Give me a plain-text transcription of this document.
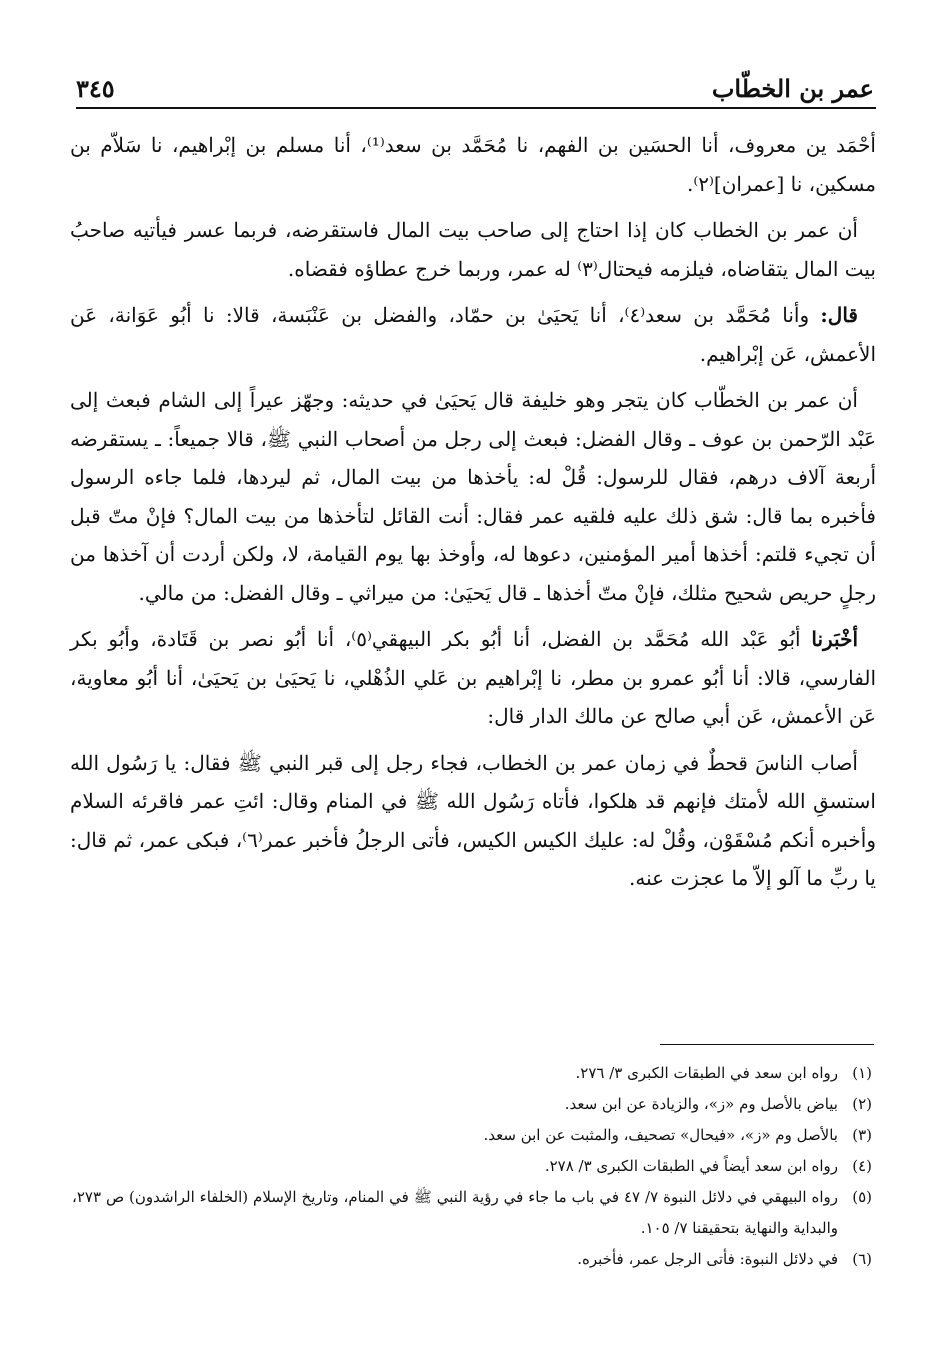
عمر بن الخطّاب
٣٤٥

أحْمَد ين معروف، أنا الحسَين بن الفهم، نا مُحَمَّد بن سعد⁽¹⁾، أنا مسلم بن إبْراهيم، نا سَلاّم بن مسكين، نا [عمران]⁽٢⁾.

أن عمر بن الخطاب كان إذا احتاج إلى صاحب بيت المال فاستقرضه، فربما عسر فيأتيه صاحبُ بيت المال يتقاضاه، فيلزمه فيحتال⁽٣⁾ له عمر، وربما خرج عطاؤه فقضاه.

قال: وأنا مُحَمَّد بن سعد⁽٤⁾، أنا يَحيَىٰ بن حمّاد، والفضل بن عَنْبَسة، قالا: نا أبُو عَوَانة، عَن الأعمش، عَن إبْراهيم.

أن عمر بن الخطّاب كان يتجر وهو خليفة قال يَحيَىٰ في حديثه: وجهّز عيراً إلى الشام فبعث إلى عَبْد الرّحمن بن عوف ـ وقال الفضل: فبعث إلى رجل من أصحاب النبي ﷺ، قالا جميعاً: ـ يستقرضه أربعة آلاف درهم، فقال للرسول: قُلْ له: يأخذها من بيت المال، ثم ليردها، فلما جاءه الرسول فأخبره بما قال: شق ذلك عليه فلقيه عمر فقال: أنت القائل لتأخذها من بيت المال؟ فإنْ متّ قبل أن تجيء قلتم: أخذها أمير المؤمنين، دعوها له، وأوخذ بها يوم القيامة، لا، ولكن أردت أن آخذها من رجلٍ حريص شحيح مثلك، فإنْ متّ أخذها ـ قال يَحيَىٰ: من ميراثي ـ وقال الفضل: من مالي.

أخْبَرنا أبُو عَبْد الله مُحَمَّد بن الفضل، أنا أبُو بكر البيهقي⁽٥⁾، أنا أبُو نصر بن قَتَادة، وأبُو بكر الفارسي، قالا: أنا أبُو عمرو بن مطر، نا إبْراهيم بن عَلي الذُهْلي، نا يَحيَىٰ بن يَحيَىٰ، أنا أبُو معاوية، عَن الأعمش، عَن أبي صالح عن مالك الدار قال:

أصاب الناسَ قحطٌ في زمان عمر بن الخطاب، فجاء رجل إلى قبر النبي ﷺ فقال: يا رَسُول الله استسقِ الله لأمتك فإنهم قد هلكوا، فأتاه رَسُول الله ﷺ في المنام وقال: ائتِ عمر فاقرئه السلام وأخبره أنكم مُسْقَوْن، وقُلْ له: عليك الكيس الكيس، فأتى الرجلُ فأخبر عمر⁽٦⁾، فبكى عمر، ثم قال: يا ربِّ ما آلو إلاّ ما عجزت عنه.

(١)
رواه ابن سعد في الطبقات الكبرى ٣/ ٢٧٦.
(٢)
بياض بالأصل وم «ز»، والزيادة عن ابن سعد.
(٣)
بالأصل وم «ز»، «فيحال» تصحيف، والمثبت عن ابن سعد.
(٤)
رواه ابن سعد أيضاً في الطبقات الكبرى ٣/ ٢٧٨.
(٥)
رواه البيهقي في دلائل النبوة ٧/ ٤٧ في باب ما جاء في رؤية النبي ﷺ في المنام، وتاريخ الإسلام (الخلفاء الراشدون) ص ٢٧٣، والبداية والنهاية بتحقيقنا ٧/ ١٠٥.
(٦)
في دلائل النبوة: فأتى الرجل عمر، فأخبره.
